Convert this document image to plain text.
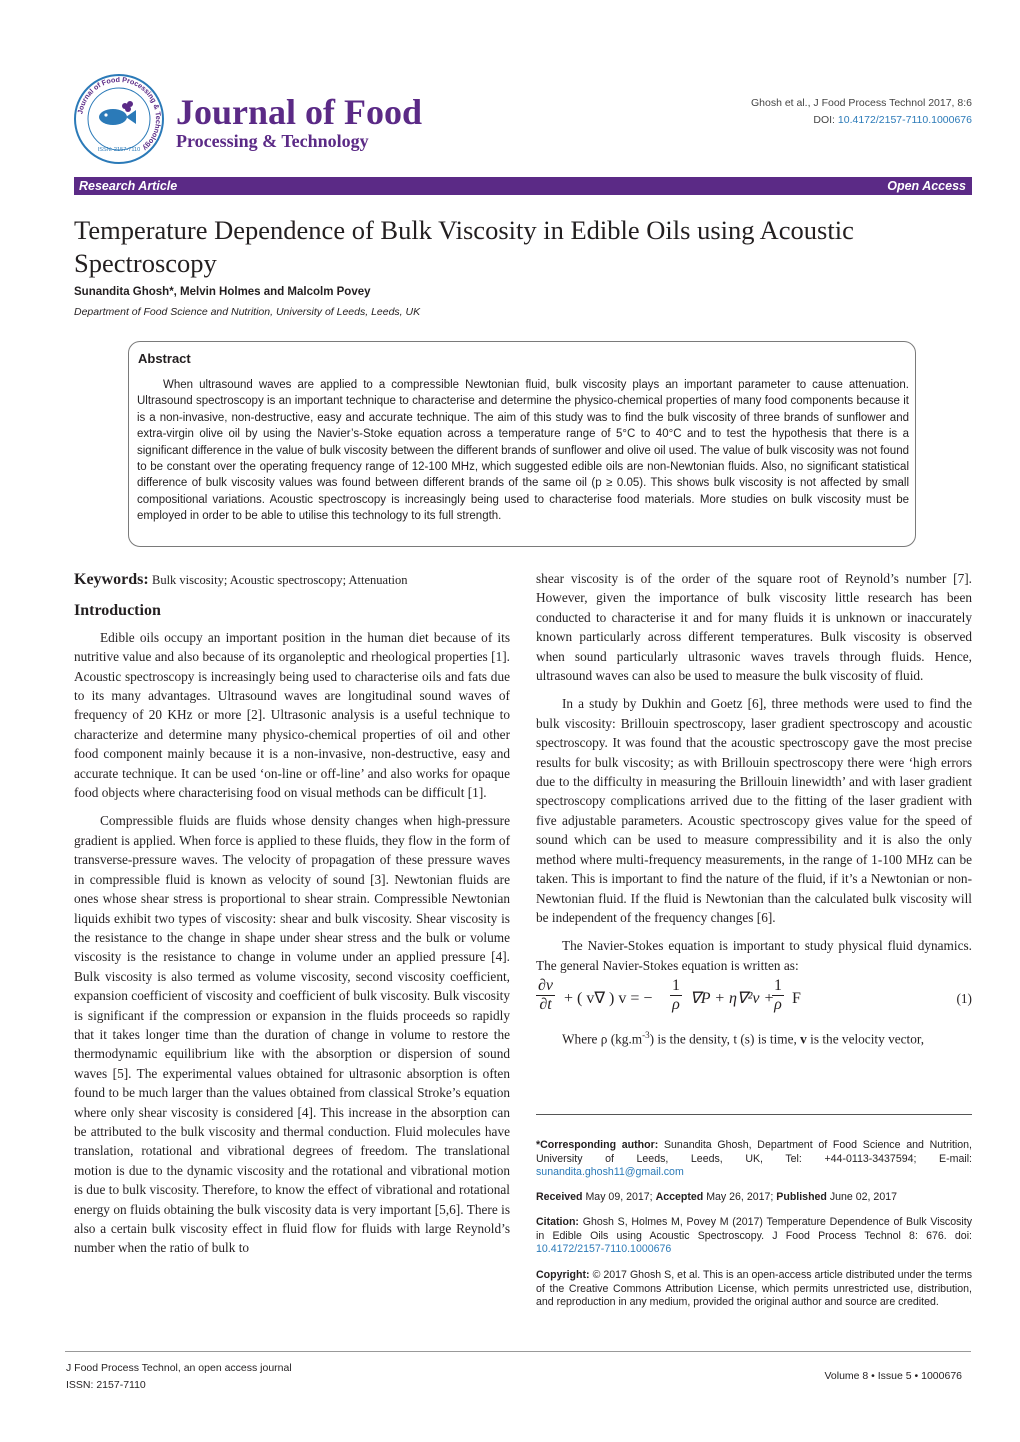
Journal of Food Processing & Technology
ISSN: 2157-7110
Journal of Food
Processing & Technology
Ghosh et al., J Food Process Technol 2017, 8:6
DOI: 10.4172/2157-7110.1000676
Research Article	Open Access
Temperature Dependence of Bulk Viscosity in Edible Oils using Acoustic Spectroscopy
Sunandita Ghosh*, Melvin Holmes and Malcolm Povey
Department of Food Science and Nutrition, University of Leeds, Leeds, UK
Abstract

When ultrasound waves are applied to a compressible Newtonian fluid, bulk viscosity plays an important parameter to cause attenuation. Ultrasound spectroscopy is an important technique to characterise and determine the physico-chemical properties of many food components because it is a non-invasive, non-destructive, easy and accurate technique. The aim of this study was to find the bulk viscosity of three brands of sunflower and extra-virgin olive oil by using the Navier’s-Stoke equation across a temperature range of 5°C to 40°C and to test the hypothesis that there is a significant difference in the value of bulk viscosity between the different brands of sunflower and olive oil used. The value of bulk viscosity was not found to be constant over the operating frequency range of 12-100 MHz, which suggested edible oils are non-Newtonian fluids. Also, no significant statistical difference of bulk viscosity values was found between different brands of the same oil (p ≥ 0.05). This shows bulk viscosity is not affected by small compositional variations. Acoustic spectroscopy is increasingly being used to characterise food materials. More studies on bulk viscosity must be employed in order to be able to utilise this technology to its full strength.

Keywords: Bulk viscosity; Acoustic spectroscopy; Attenuation

Introduction

Edible oils occupy an important position in the human diet because of its nutritive value and also because of its organoleptic and rheological properties [1]. Acoustic spectroscopy is increasingly being used to characterise oils and fats due to its many advantages. Ultrasound waves are longitudinal sound waves of frequency of 20 KHz or more [2]. Ultrasonic analysis is a useful technique to characterize and determine many physico-chemical properties of oil and other food component mainly because it is a non-invasive, non-destructive, easy and accurate technique. It can be used ‘on-line or off-line’ and also works for opaque food objects where characterising food on visual methods can be difficult [1].

Compressible fluids are fluids whose density changes when high-pressure gradient is applied. When force is applied to these fluids, they flow in the form of transverse-pressure waves. The velocity of propagation of these pressure waves in compressible fluid is known as velocity of sound [3]. Newtonian fluids are ones whose shear stress is proportional to shear strain. Compressible Newtonian liquids exhibit two types of viscosity: shear and bulk viscosity. Shear viscosity is the resistance to the change in shape under shear stress and the bulk or volume viscosity is the resistance to change in volume under an applied pressure [4]. Bulk viscosity is also termed as volume viscosity, second viscosity coefficient, expansion coefficient of viscosity and coefficient of bulk viscosity. Bulk viscosity is significant if the compression or expansion in the fluids proceeds so rapidly that it takes longer time than the duration of change in volume to restore the thermodynamic equilibrium like with the absorption or dispersion of sound waves [5]. The experimental values obtained for ultrasonic absorption is often found to be much larger than the values obtained from classical Stroke’s equation where only shear viscosity is considered [4]. This increase in the absorption can be attributed to the bulk viscosity and thermal conduction. Fluid molecules have translation, rotational and vibrational degrees of freedom. The translational motion is due to the dynamic viscosity and the rotational and vibrational motion is due to bulk viscosity. Therefore, to know the effect of vibrational and rotational energy on fluids obtaining the bulk viscosity data is very important [5,6]. There is also a certain bulk viscosity effect in fluid flow for fluids with large Reynold’s number when the ratio of bulk to

shear viscosity is of the order of the square root of Reynold’s number [7]. However, given the importance of bulk viscosity little research has been conducted to characterise it and for many fluids it is unknown or inaccurately known particularly across different temperatures. Bulk viscosity is observed when sound particularly ultrasonic waves travels through fluids. Hence, ultrasound waves can also be used to measure the bulk viscosity of fluid.

In a study by Dukhin and Goetz [6], three methods were used to find the bulk viscosity: Brillouin spectroscopy, laser gradient spectroscopy and acoustic spectroscopy. It was found that the acoustic spectroscopy gave the most precise results for bulk viscosity; as with Brillouin spectroscopy there were ‘high errors due to the difficulty in measuring the Brillouin linewidth’ and with laser gradient spectroscopy complications arrived due to the fitting of the laser gradient with five adjustable parameters. Acoustic spectroscopy gives value for the speed of sound which can be used to measure compressibility and it is also the only method where multi-frequency measurements, in the range of 1-100 MHz can be taken. This is important to find the nature of the fluid, if it’s a Newtonian or non-Newtonian fluid. If the fluid is Newtonian than the calculated bulk viscosity will be independent of the frequency changes [6].

The Navier-Stokes equation is important to study physical fluid dynamics. The general Navier-Stokes equation is written as:

$\frac{\partial v}{\partial t}$ + ( v∇ ) v = − $\frac{1}{\rho} \nabla P + \eta\nabla^2v$ +
$\frac{1}{\rho}$ F	(1)

Where ρ $(kg.m^{-3})$ is the density, t (s) is time, v is the velocity vector,

*Corresponding author: Sunandita Ghosh, Department of Food Science and Nutrition, University of Leeds, Leeds, UK, Tel: +44-0113-3437594; E-mail: sunandita.ghosh11@gmail.com

Received May 09, 2017; Accepted May 26, 2017; Published June 02, 2017

Citation: Ghosh S, Holmes M, Povey M (2017) Temperature Dependence of Bulk Viscosity in Edible Oils using Acoustic Spectroscopy. J Food Process Technol 8: 676. doi: 10.4172/2157-7110.1000676

Copyright: © 2017 Ghosh S, et al. This is an open-access article distributed under the terms of the Creative Commons Attribution License, which permits unrestricted use, distribution, and reproduction in any medium, provided the original author and source are credited.

J Food Process Technol, an open access journal
ISSN: 2157-7110
Volume 8 • Issue 5 • 1000676
